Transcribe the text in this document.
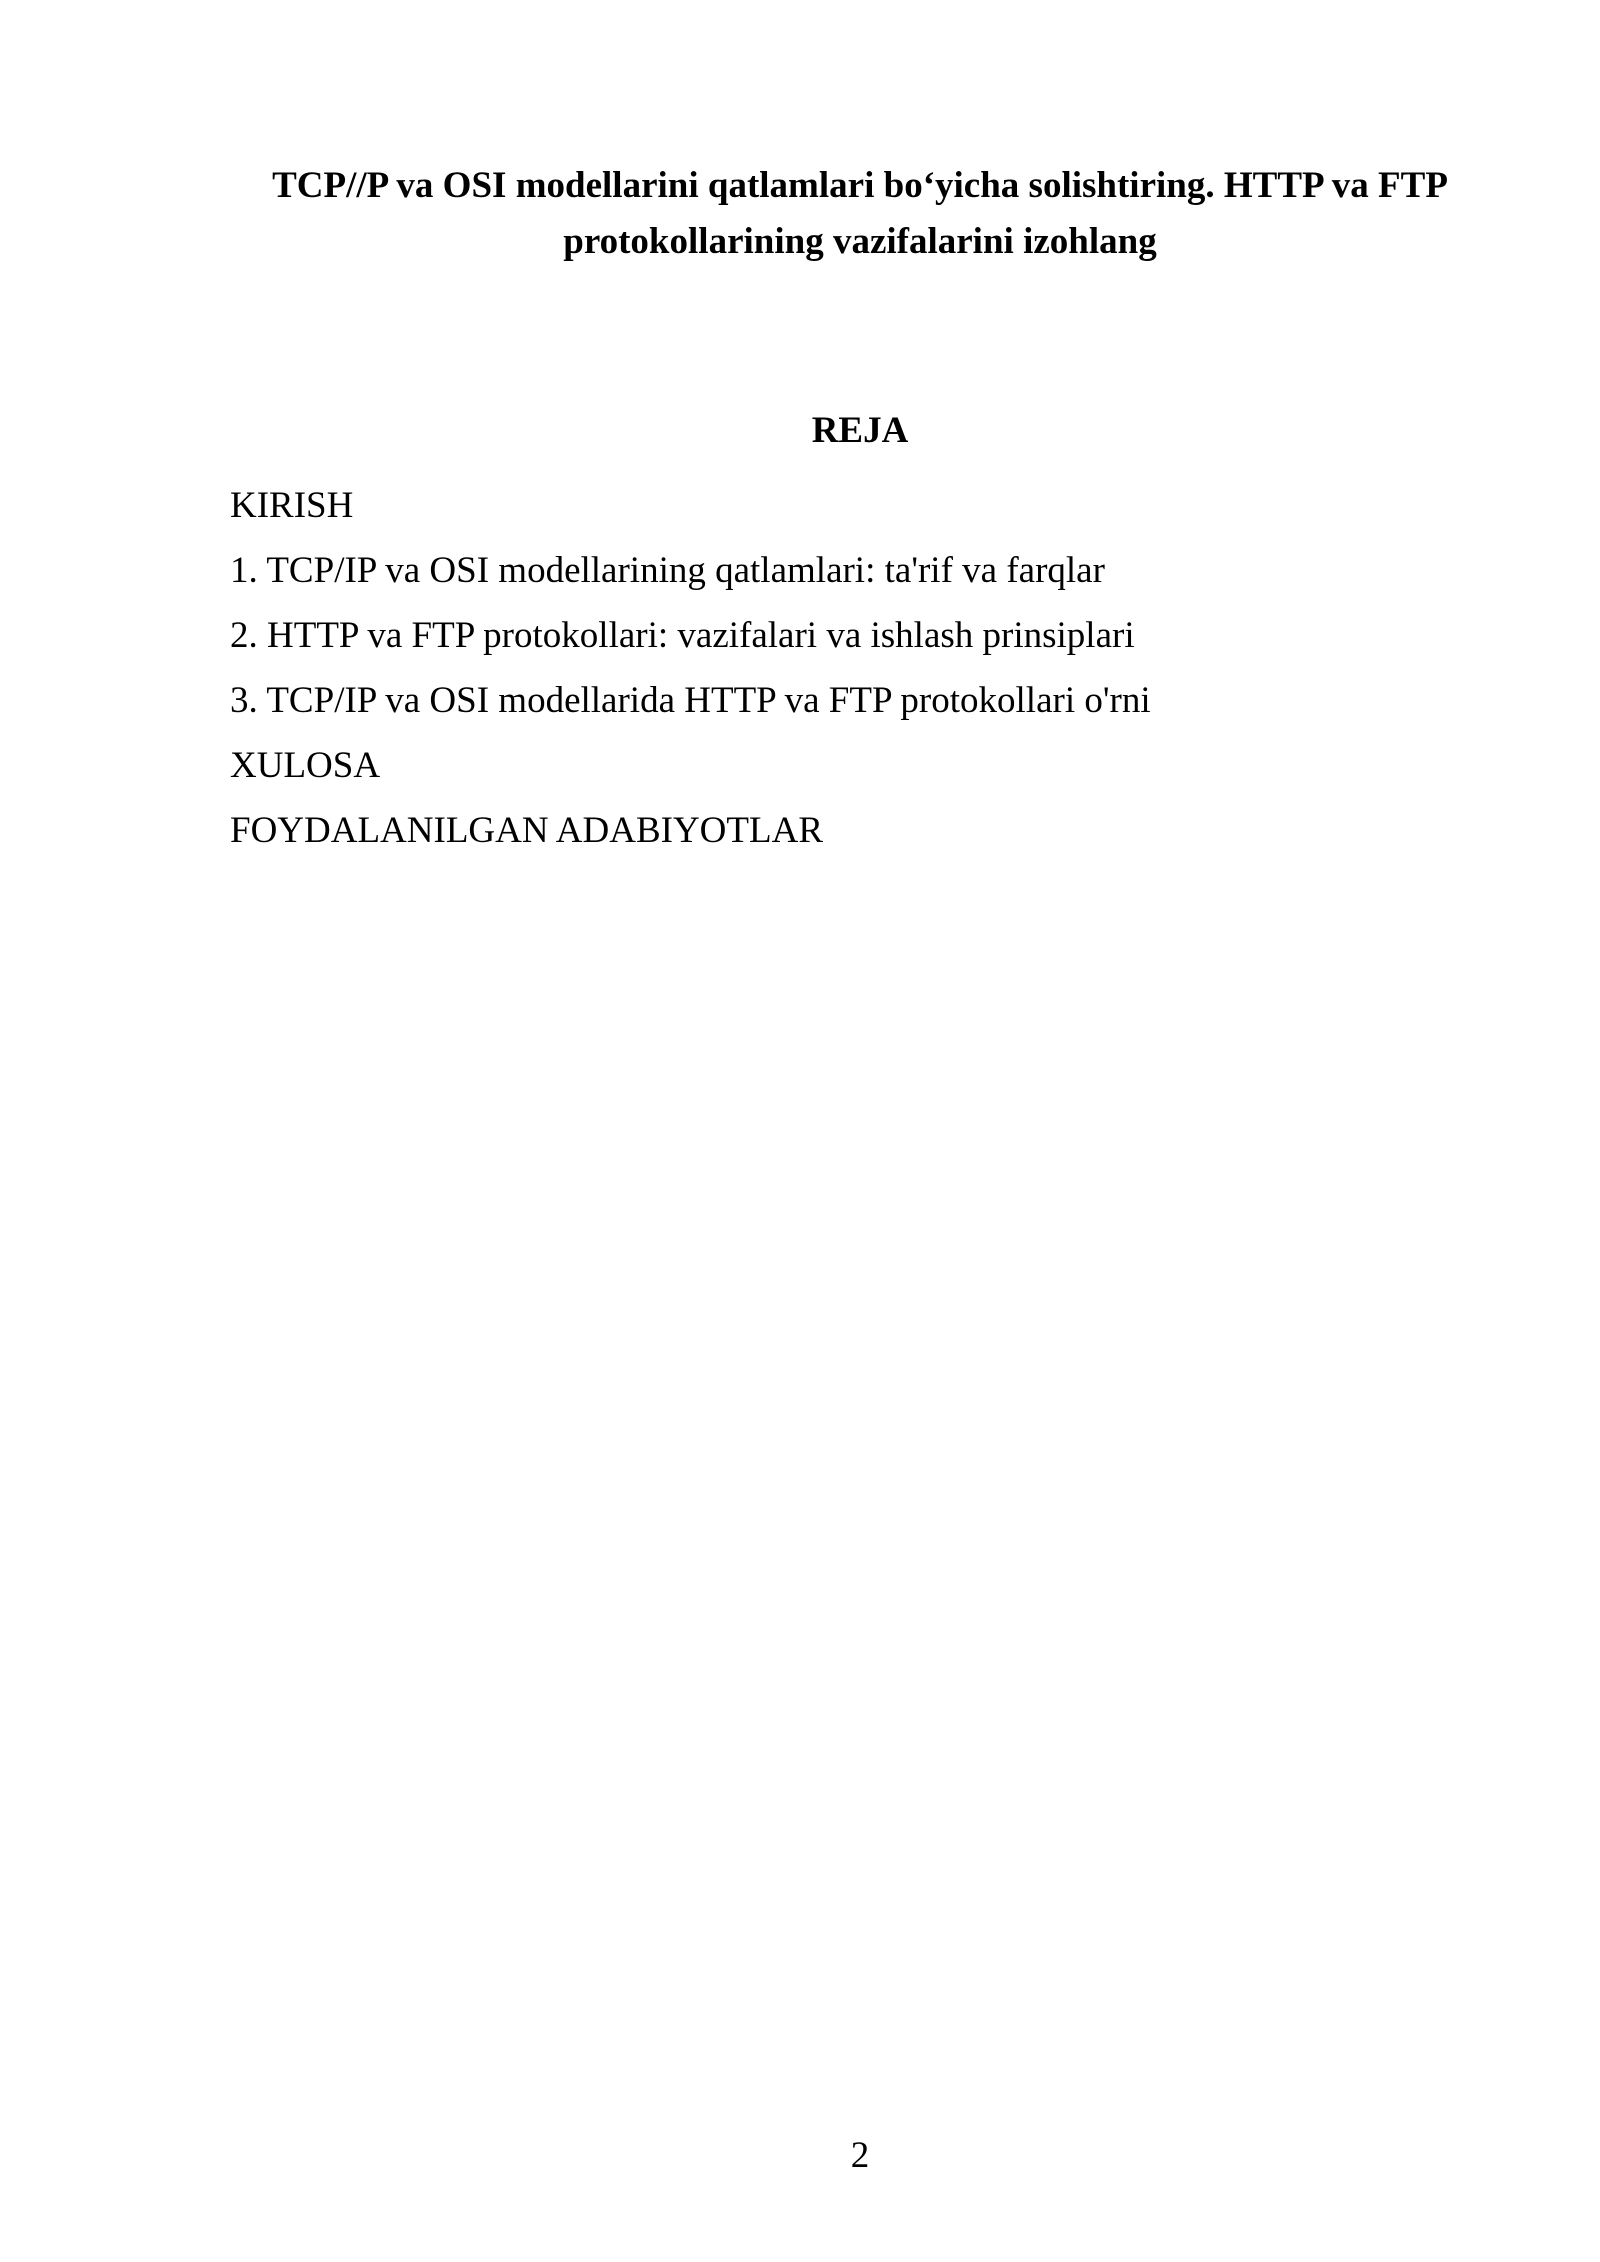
TCP//P va OSI modellarini qatlamlari bo‘yicha solishtiring. HTTP va FTP
protokollarining vazifalarini izohlang
REJA
KIRISH
1. TCP/IP va OSI modellarining qatlamlari: ta'rif va farqlar
2. HTTP va FTP protokollari: vazifalari va ishlash prinsiplari
3. TCP/IP va OSI modellarida HTTP va FTP protokollari o'rni
XULOSA
FOYDALANILGAN ADABIYOTLAR
2
